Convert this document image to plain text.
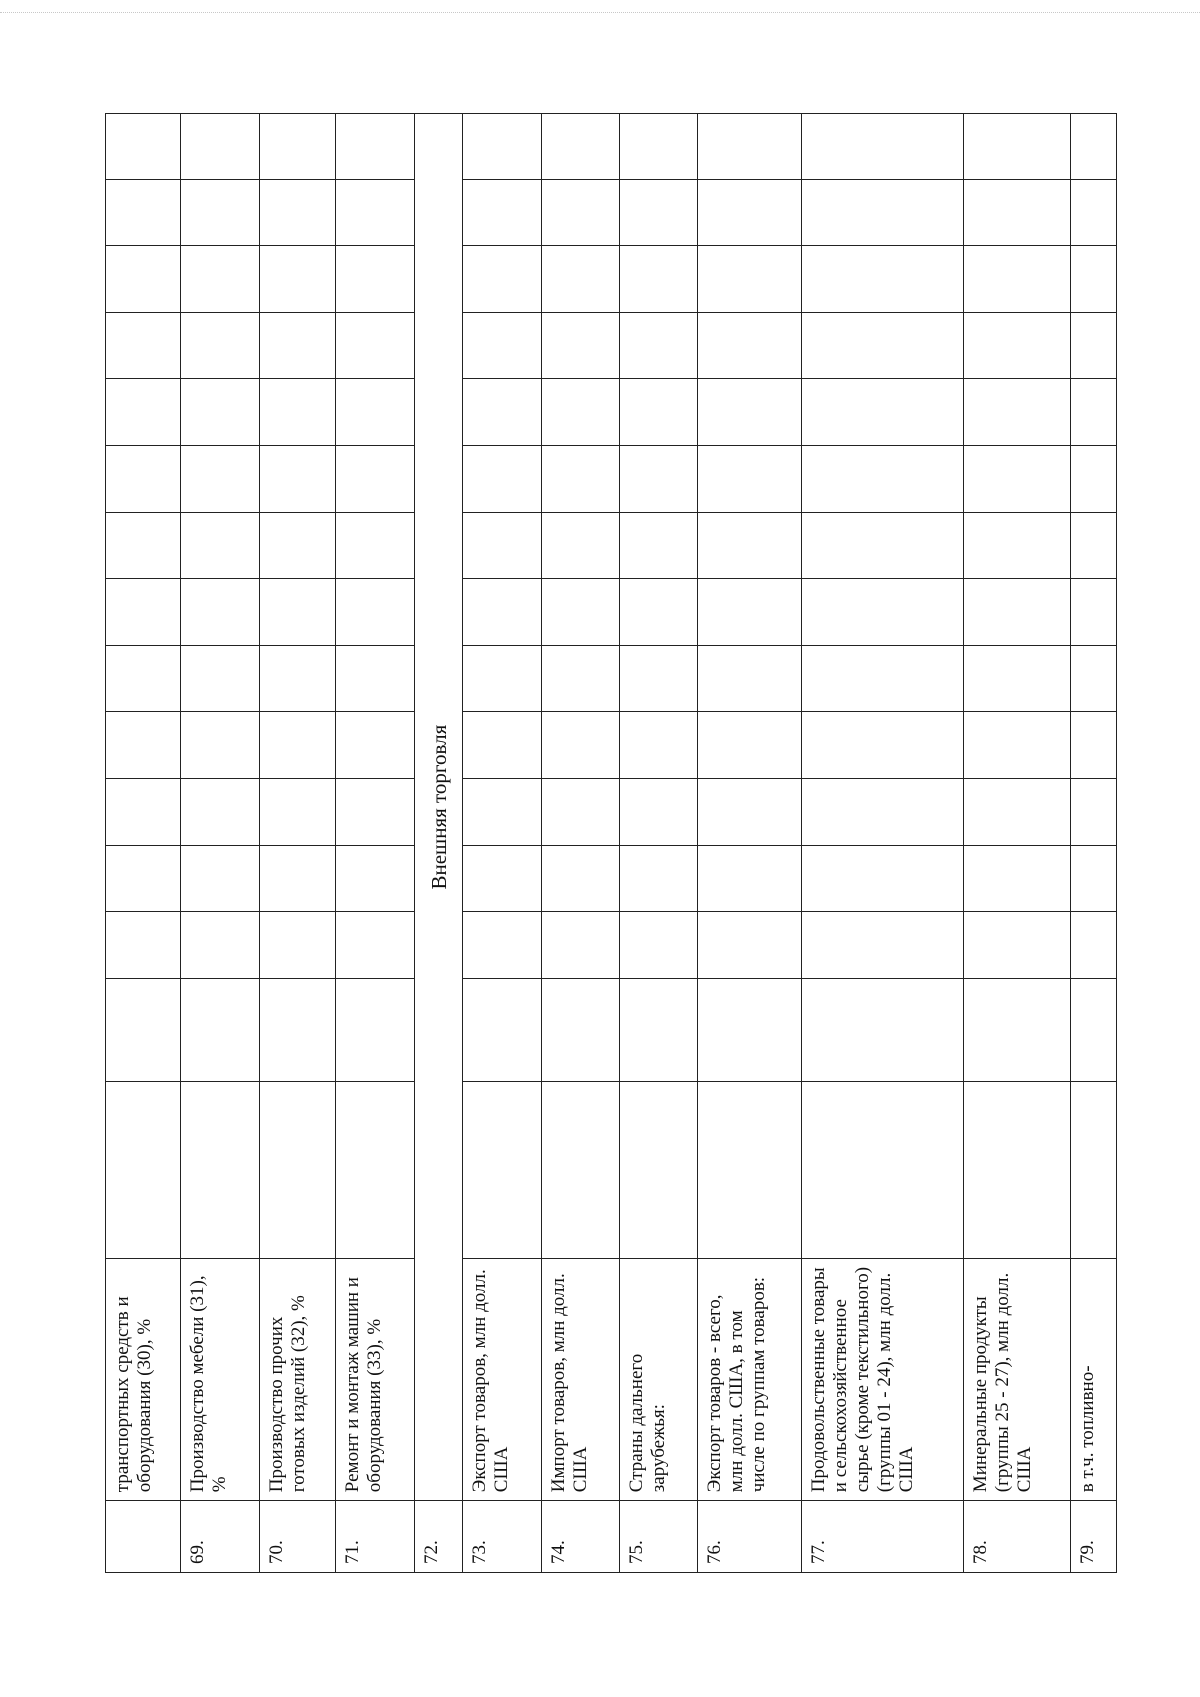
	транспортных средств и оборудования (30), %															
69.	Производство мебели (31), %															
70.	Производство прочих готовых изделий (32), %															
71.	Ремонт и монтаж машин и оборудования (33), %															
72.	Внешняя торговля															
73.	Экспорт товаров, млн долл. США															
74.	Импорт товаров, млн долл. США															
75.	Страны дальнего зарубежья:															
76.	Экспорт товаров - всего, млн долл. США, в том числе по группам товаров:															
77.	Продовольственные товары и сельскохозяйственное сырье (кроме текстильного) (группы 01 - 24), млн долл. США															
78.	Минеральные продукты (группы 25 - 27), млн долл. США															
79.	в т.ч. топливно-															
